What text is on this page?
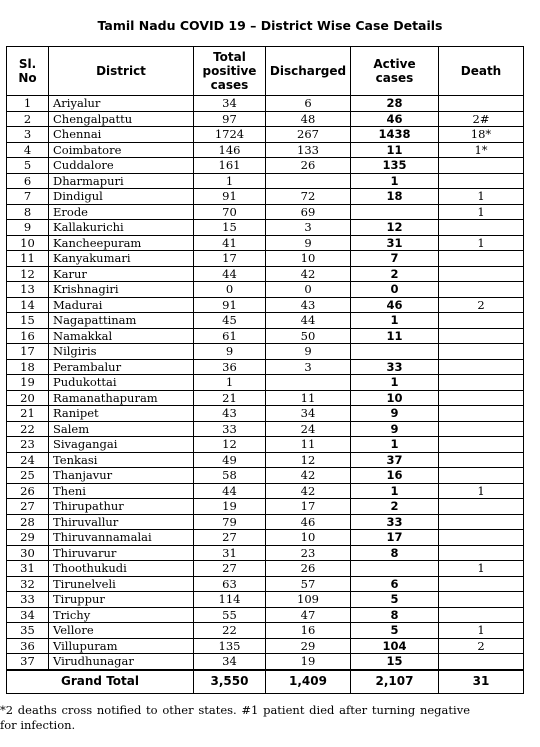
Tamil Nadu COVID 19 – District Wise Case Details
Sl.
No	District	Total
positive
cases	Discharged	Active
cases	Death
1	Ariyalur	34	6	28	
2	Chengalpattu	97	48	46	2#
3	Chennai	1724	267	1438	18*
4	Coimbatore	146	133	11	1*
5	Cuddalore	161	26	135	
6	Dharmapuri	1		1	
7	Dindigul	91	72	18	1
8	Erode	70	69		1
9	Kallakurichi	15	3	12	
10	Kancheepuram	41	9	31	1
11	Kanyakumari	17	10	7	
12	Karur	44	42	2	
13	Krishnagiri	0	0	0	
14	Madurai	91	43	46	2
15	Nagapattinam	45	44	1	
16	Namakkal	61	50	11	
17	Nilgiris	9	9		
18	Perambalur	36	3	33	
19	Pudukottai	1		1	
20	Ramanathapuram	21	11	10	
21	Ranipet	43	34	9	
22	Salem	33	24	9	
23	Sivagangai	12	11	1	
24	Tenkasi	49	12	37	
25	Thanjavur	58	42	16	
26	Theni	44	42	1	1
27	Thirupathur	19	17	2	
28	Thiruvallur	79	46	33	
29	Thiruvannamalai	27	10	17	
30	Thiruvarur	31	23	8	
31	Thoothukudi	27	26		1
32	Tirunelveli	63	57	6	
33	Tiruppur	114	109	5	
34	Trichy	55	47	8	
35	Vellore	22	16	5	1
36	Villupuram	135	29	104	2
37	Virudhunagar	34	19	15	
Grand Total		3,550	1,409	2,107	31
*2 deaths cross notified to other states. #1 patient died after turning negative for infection.
